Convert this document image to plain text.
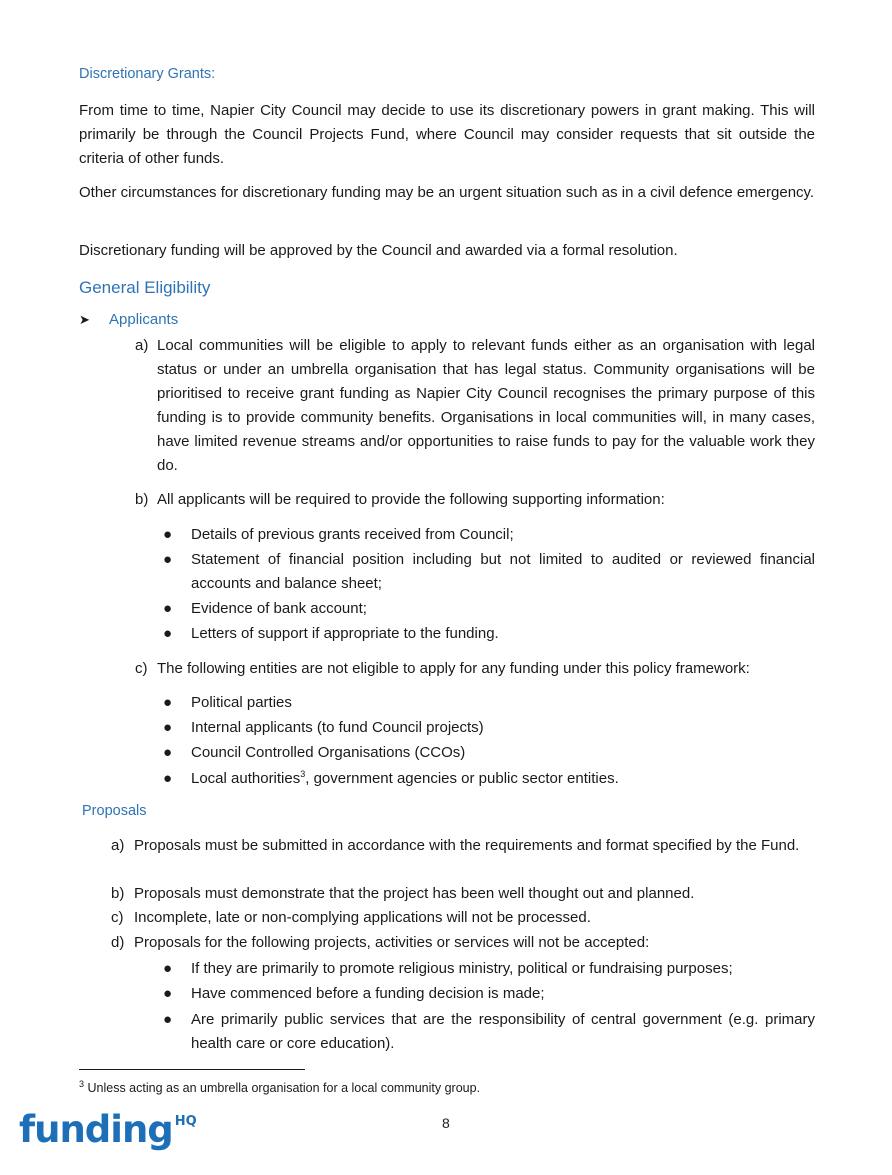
Discretionary Grants:

From time to time, Napier City Council may decide to use its discretionary powers in grant making. This will primarily be through the Council Projects Fund, where Council may consider requests that sit outside the criteria of other funds.

Other circumstances for discretionary funding may be an urgent situation such as in a civil defence emergency.

Discretionary funding will be approved by the Council and awarded via a formal resolution.

General Eligibility
➤ Applicants
a) Local communities will be eligible to apply to relevant funds either as an organisation with legal status or under an umbrella organisation that has legal status. Community organisations will be prioritised to receive grant funding as Napier City Council recognises the primary purpose of this funding is to provide community benefits. Organisations in local communities will, in many cases, have limited revenue streams and/or opportunities to raise funds to pay for the valuable work they do.
b) All applicants will be required to provide the following supporting information:
● Details of previous grants received from Council;
● Statement of financial position including but not limited to audited or reviewed financial accounts and balance sheet;
● Evidence of bank account;
● Letters of support if appropriate to the funding.
c) The following entities are not eligible to apply for any funding under this policy framework:
● Political parties
● Internal applicants (to fund Council projects)
● Council Controlled Organisations (CCOs)
● Local authorities$^3$, government agencies or public sector entities.
Proposals
a) Proposals must be submitted in accordance with the requirements and format specified by the Fund.
b) Proposals must demonstrate that the project has been well thought out and planned.
c) Incomplete, late or non-complying applications will not be processed.
d) Proposals for the following projects, activities or services will not be accepted:
● If they are primarily to promote religious ministry, political or fundraising purposes;
● Have commenced before a funding decision is made;
● Are primarily public services that are the responsibility of central government (e.g. primary health care or core education).
$^3$ Unless acting as an umbrella organisation for a local community group.
8
funding $^{HQ}$
